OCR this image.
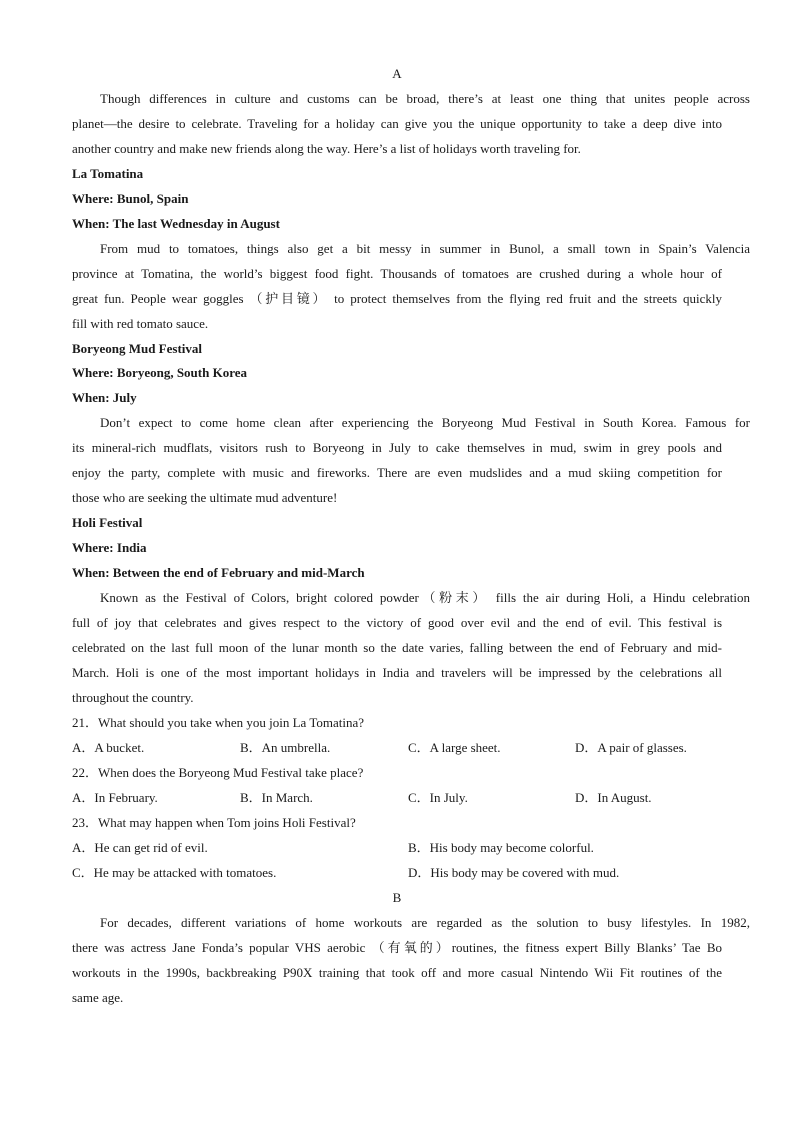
A
Though differences in culture and customs can be broad, there’s at least one thing that unites people across
planet—the desire to celebrate. Traveling for a holiday can give you the unique opportunity to take a deep dive into
another country and make new friends along the way. Here’s a list of holidays worth traveling for.
La Tomatina
Where: Bunol, Spain
When: The last Wednesday in August
From mud to tomatoes, things also get a bit messy in summer in Bunol, a small town in Spain’s Valencia
province at Tomatina, the world’s biggest food fight. Thousands of tomatoes are crushed during a whole hour of
great fun. People wear goggles （护目镜） to protect themselves from the flying red fruit and the streets quickly
fill with red tomato sauce.
Boryeong Mud Festival
Where: Boryeong, South Korea
When: July
Don’t expect to come home clean after experiencing the Boryeong Mud Festival in South Korea. Famous for
its mineral-rich mudflats, visitors rush to Boryeong in July to cake themselves in mud, swim in grey pools and
enjoy the party, complete with music and fireworks. There are even mudslides and a mud skiing competition for
those who are seeking the ultimate mud adventure!
Holi Festival
Where: India
When: Between the end of February and mid-March
Known as the Festival of Colors, bright colored powder（粉末） fills the air during Holi, a Hindu celebration
full of joy that celebrates and gives respect to the victory of good over evil and the end of evil. This festival is
celebrated on the last full moon of the lunar month so the date varies, falling between the end of February and mid-
March. Holi is one of the most important holidays in India and travelers will be impressed by the celebrations all
throughout the country.
21．What should you take when you join La Tomatina?
A．A bucket.	B．An umbrella.	C．A large sheet.	D．A pair of glasses.
22．When does the Boryeong Mud Festival take place?
A．In February.	B．In March.	C．In July.	D．In August.
23．What may happen when Tom joins Holi Festival?
A．He can get rid of evil.	B．His body may become colorful.
C．He may be attacked with tomatoes.	D．His body may be covered with mud.
B
For decades, different variations of home workouts are regarded as the solution to busy lifestyles. In 1982,
there was actress Jane Fonda’s popular VHS aerobic （有氧的）routines, the fitness expert Billy Blanks’ Tae Bo
workouts in the 1990s, backbreaking P90X training that took off and more casual Nintendo Wii Fit routines of the
same age.
